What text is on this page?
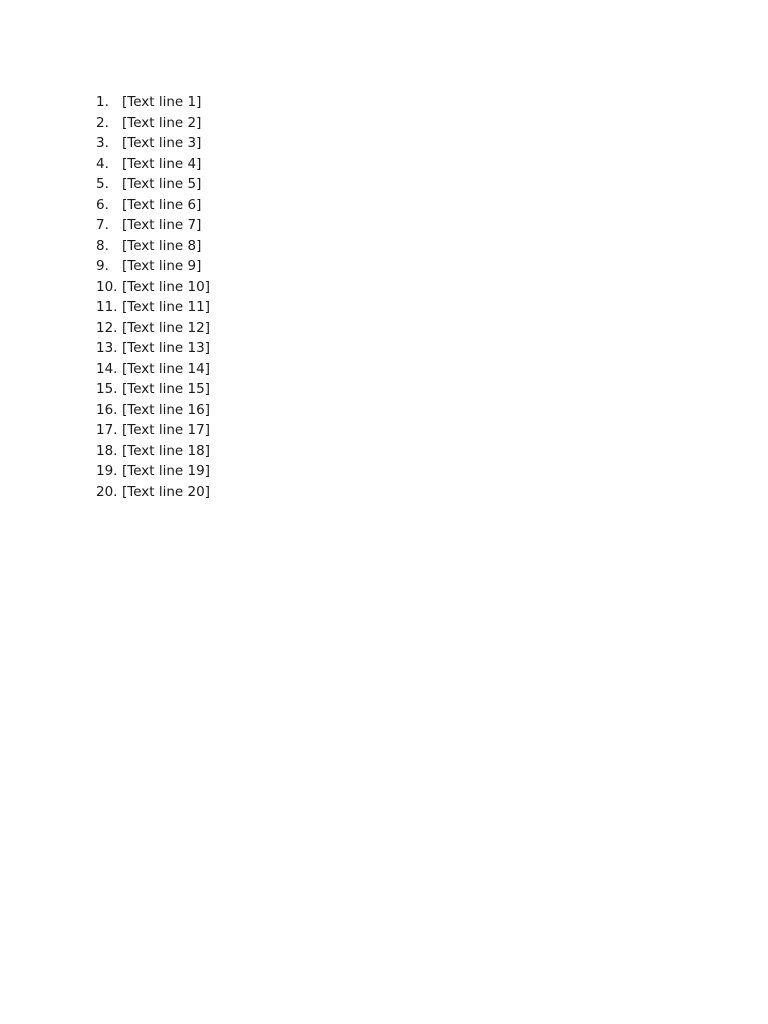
1. [Text line 1]
2. [Text line 2]
3. [Text line 3]
4. [Text line 4]
5. [Text line 5]
6. [Text line 6]
7. [Text line 7]
8. [Text line 8]
9. [Text line 9]
10. [Text line 10]
11. [Text line 11]
12. [Text line 12]
13. [Text line 13]
14. [Text line 14]
15. [Text line 15]
16. [Text line 16]
17. [Text line 17]
18. [Text line 18]
19. [Text line 19]
20. [Text line 20]
